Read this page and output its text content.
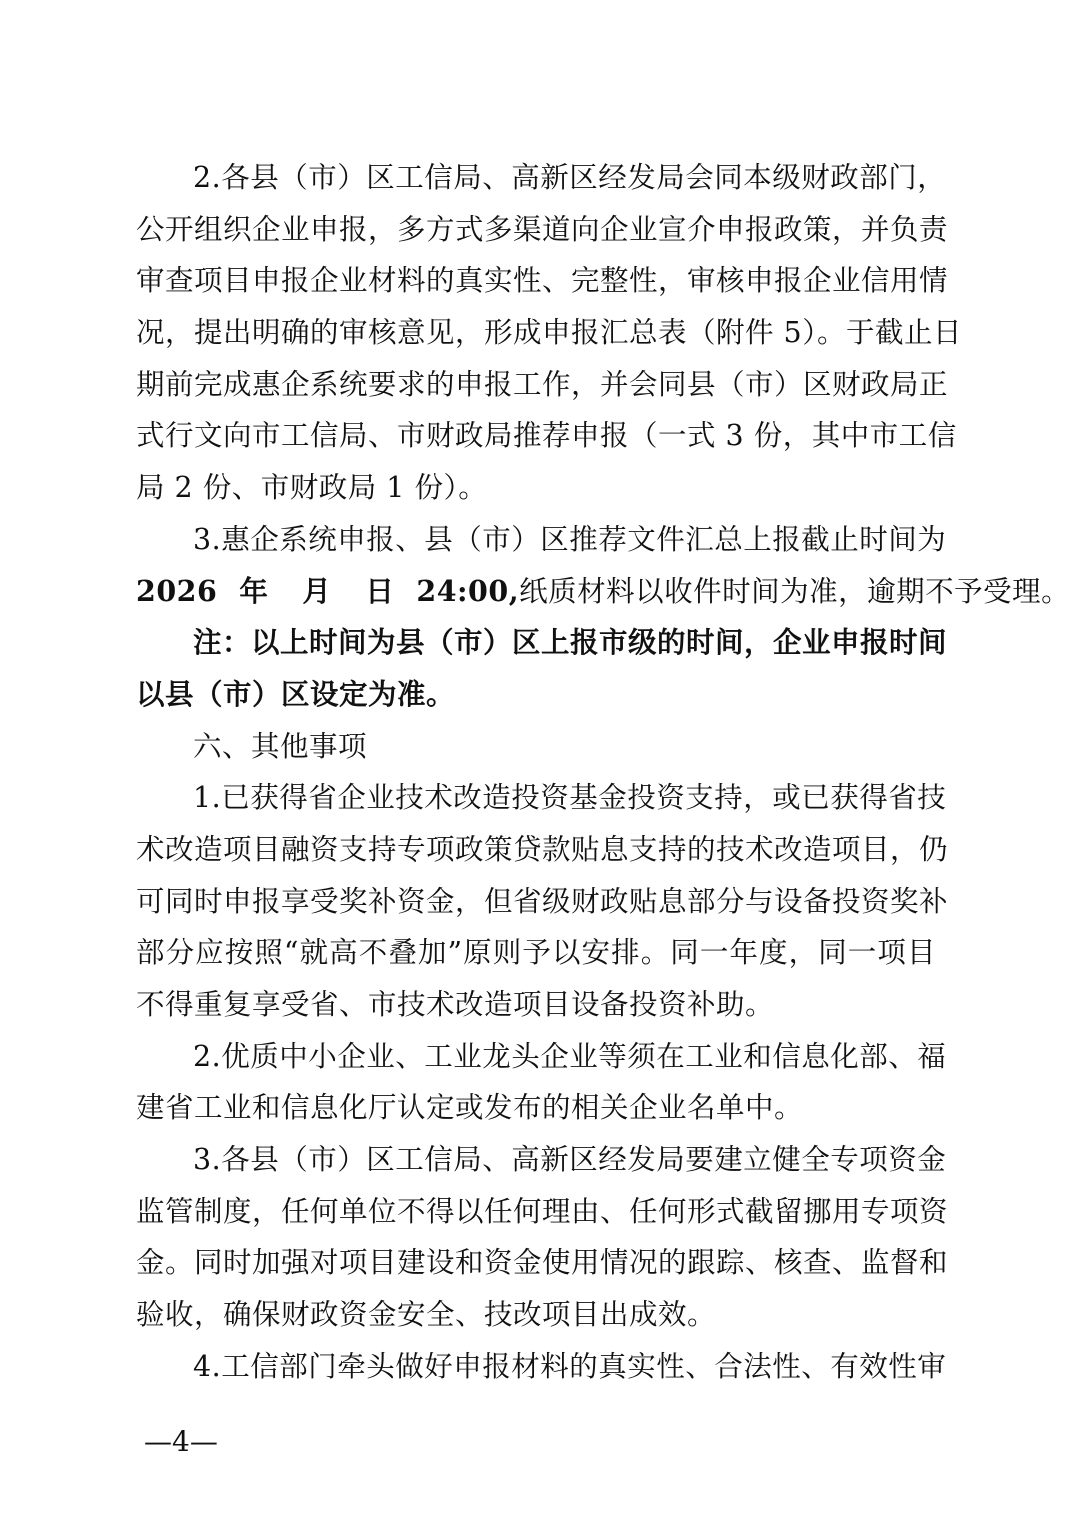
2.各县（市）区工信局、高新区经发局会同本级财政部门，
公开组织企业申报，多方式多渠道向企业宣介申报政策，并负责
审查项目申报企业材料的真实性、完整性，审核申报企业信用情
况，提出明确的审核意见，形成申报汇总表（附件 5）。于截止日
期前完成惠企系统要求的申报工作，并会同县（市）区财政局正
式行文向市工信局、市财政局推荐申报（一式 3 份，其中市工信
局 2 份、市财政局 1 份）。
3.惠企系统申报、县（市）区推荐文件汇总上报截止时间为
2026 年 月 日 24:00,纸质材料以收件时间为准，逾期不予受理。
注：以上时间为县（市）区上报市级的时间，企业申报时间
以县（市）区设定为准。
六、其他事项
1.已获得省企业技术改造投资基金投资支持，或已获得省技
术改造项目融资支持专项政策贷款贴息支持的技术改造项目，仍
可同时申报享受奖补资金，但省级财政贴息部分与设备投资奖补
部分应按照“就高不叠加”原则予以安排。同一年度，同一项目
不得重复享受省、市技术改造项目设备投资补助。
2.优质中小企业、工业龙头企业等须在工业和信息化部、福
建省工业和信息化厅认定或发布的相关企业名单中。
3.各县（市）区工信局、高新区经发局要建立健全专项资金
监管制度，任何单位不得以任何理由、任何形式截留挪用专项资
金。同时加强对项目建设和资金使用情况的跟踪、核查、监督和
验收，确保财政资金安全、技改项目出成效。
4.工信部门牵头做好申报材料的真实性、合法性、有效性审
—4—
